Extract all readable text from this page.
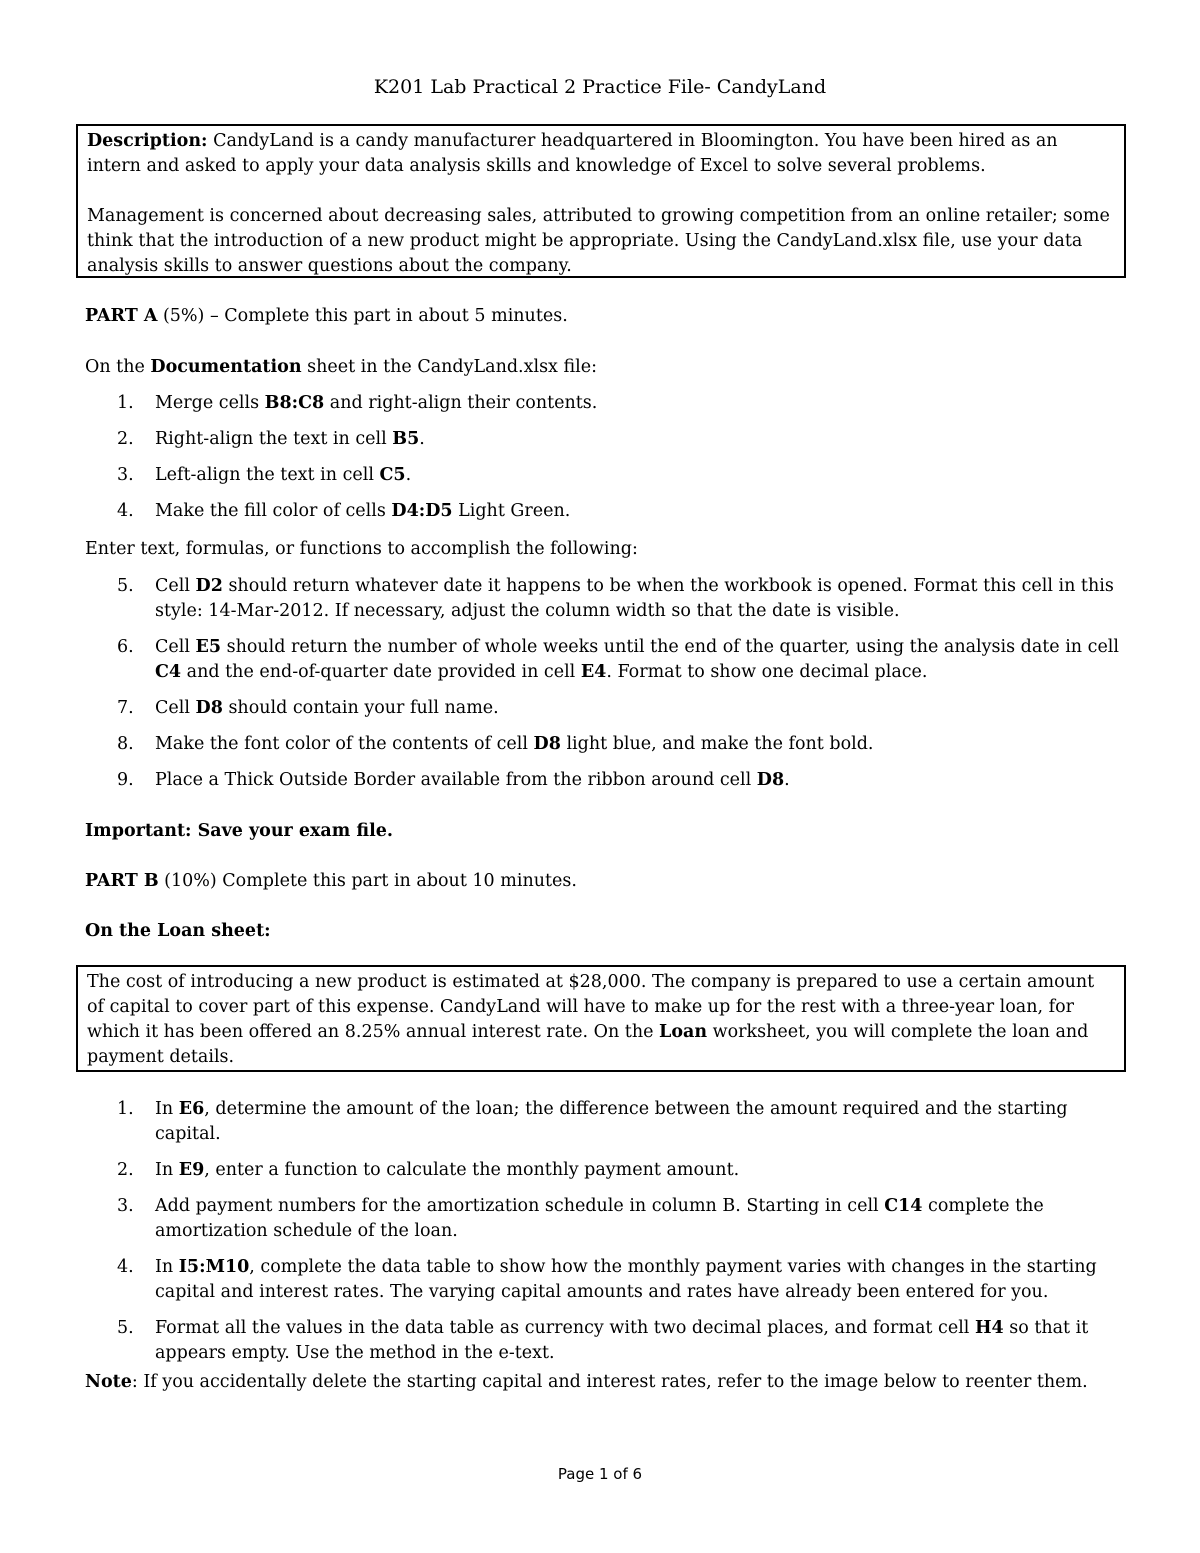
K201 Lab Practical 2 Practice File- CandyLand

Description: CandyLand is a candy manufacturer headquartered in Bloomington. You have been hired as an intern and asked to apply your data analysis skills and knowledge of Excel to solve several problems.

Management is concerned about decreasing sales, attributed to growing competition from an online retailer; some think that the introduction of a new product might be appropriate. Using the CandyLand.xlsx file, use your data analysis skills to answer questions about the company.

PART A (5%) – Complete this part in about 5 minutes.

On the Documentation sheet in the CandyLand.xlsx file:

1. Merge cells B8:C8 and right-align their contents.
2. Right-align the text in cell B5.
3. Left-align the text in cell C5.
4. Make the fill color of cells D4:D5 Light Green.

Enter text, formulas, or functions to accomplish the following:

5. Cell D2 should return whatever date it happens to be when the workbook is opened. Format this cell in this style: 14-Mar-2012. If necessary, adjust the column width so that the date is visible.
6. Cell E5 should return the number of whole weeks until the end of the quarter, using the analysis date in cell C4 and the end-of-quarter date provided in cell E4. Format to show one decimal place.
7. Cell D8 should contain your full name.
8. Make the font color of the contents of cell D8 light blue, and make the font bold.
9. Place a Thick Outside Border available from the ribbon around cell D8.

Important: Save your exam file.

PART B (10%) Complete this part in about 10 minutes.

On the Loan sheet:

The cost of introducing a new product is estimated at $28,000. The company is prepared to use a certain amount of capital to cover part of this expense. CandyLand will have to make up for the rest with a three-year loan, for which it has been offered an 8.25% annual interest rate. On the Loan worksheet, you will complete the loan and payment details.

1. In E6, determine the amount of the loan; the difference between the amount required and the starting capital.
2. In E9, enter a function to calculate the monthly payment amount.
3. Add payment numbers for the amortization schedule in column B. Starting in cell C14 complete the amortization schedule of the loan.
4. In I5:M10, complete the data table to show how the monthly payment varies with changes in the starting capital and interest rates. The varying capital amounts and rates have already been entered for you.
5. Format all the values in the data table as currency with two decimal places, and format cell H4 so that it appears empty. Use the method in the e-text.

Note: If you accidentally delete the starting capital and interest rates, refer to the image below to reenter them.

Page 1 of 6
